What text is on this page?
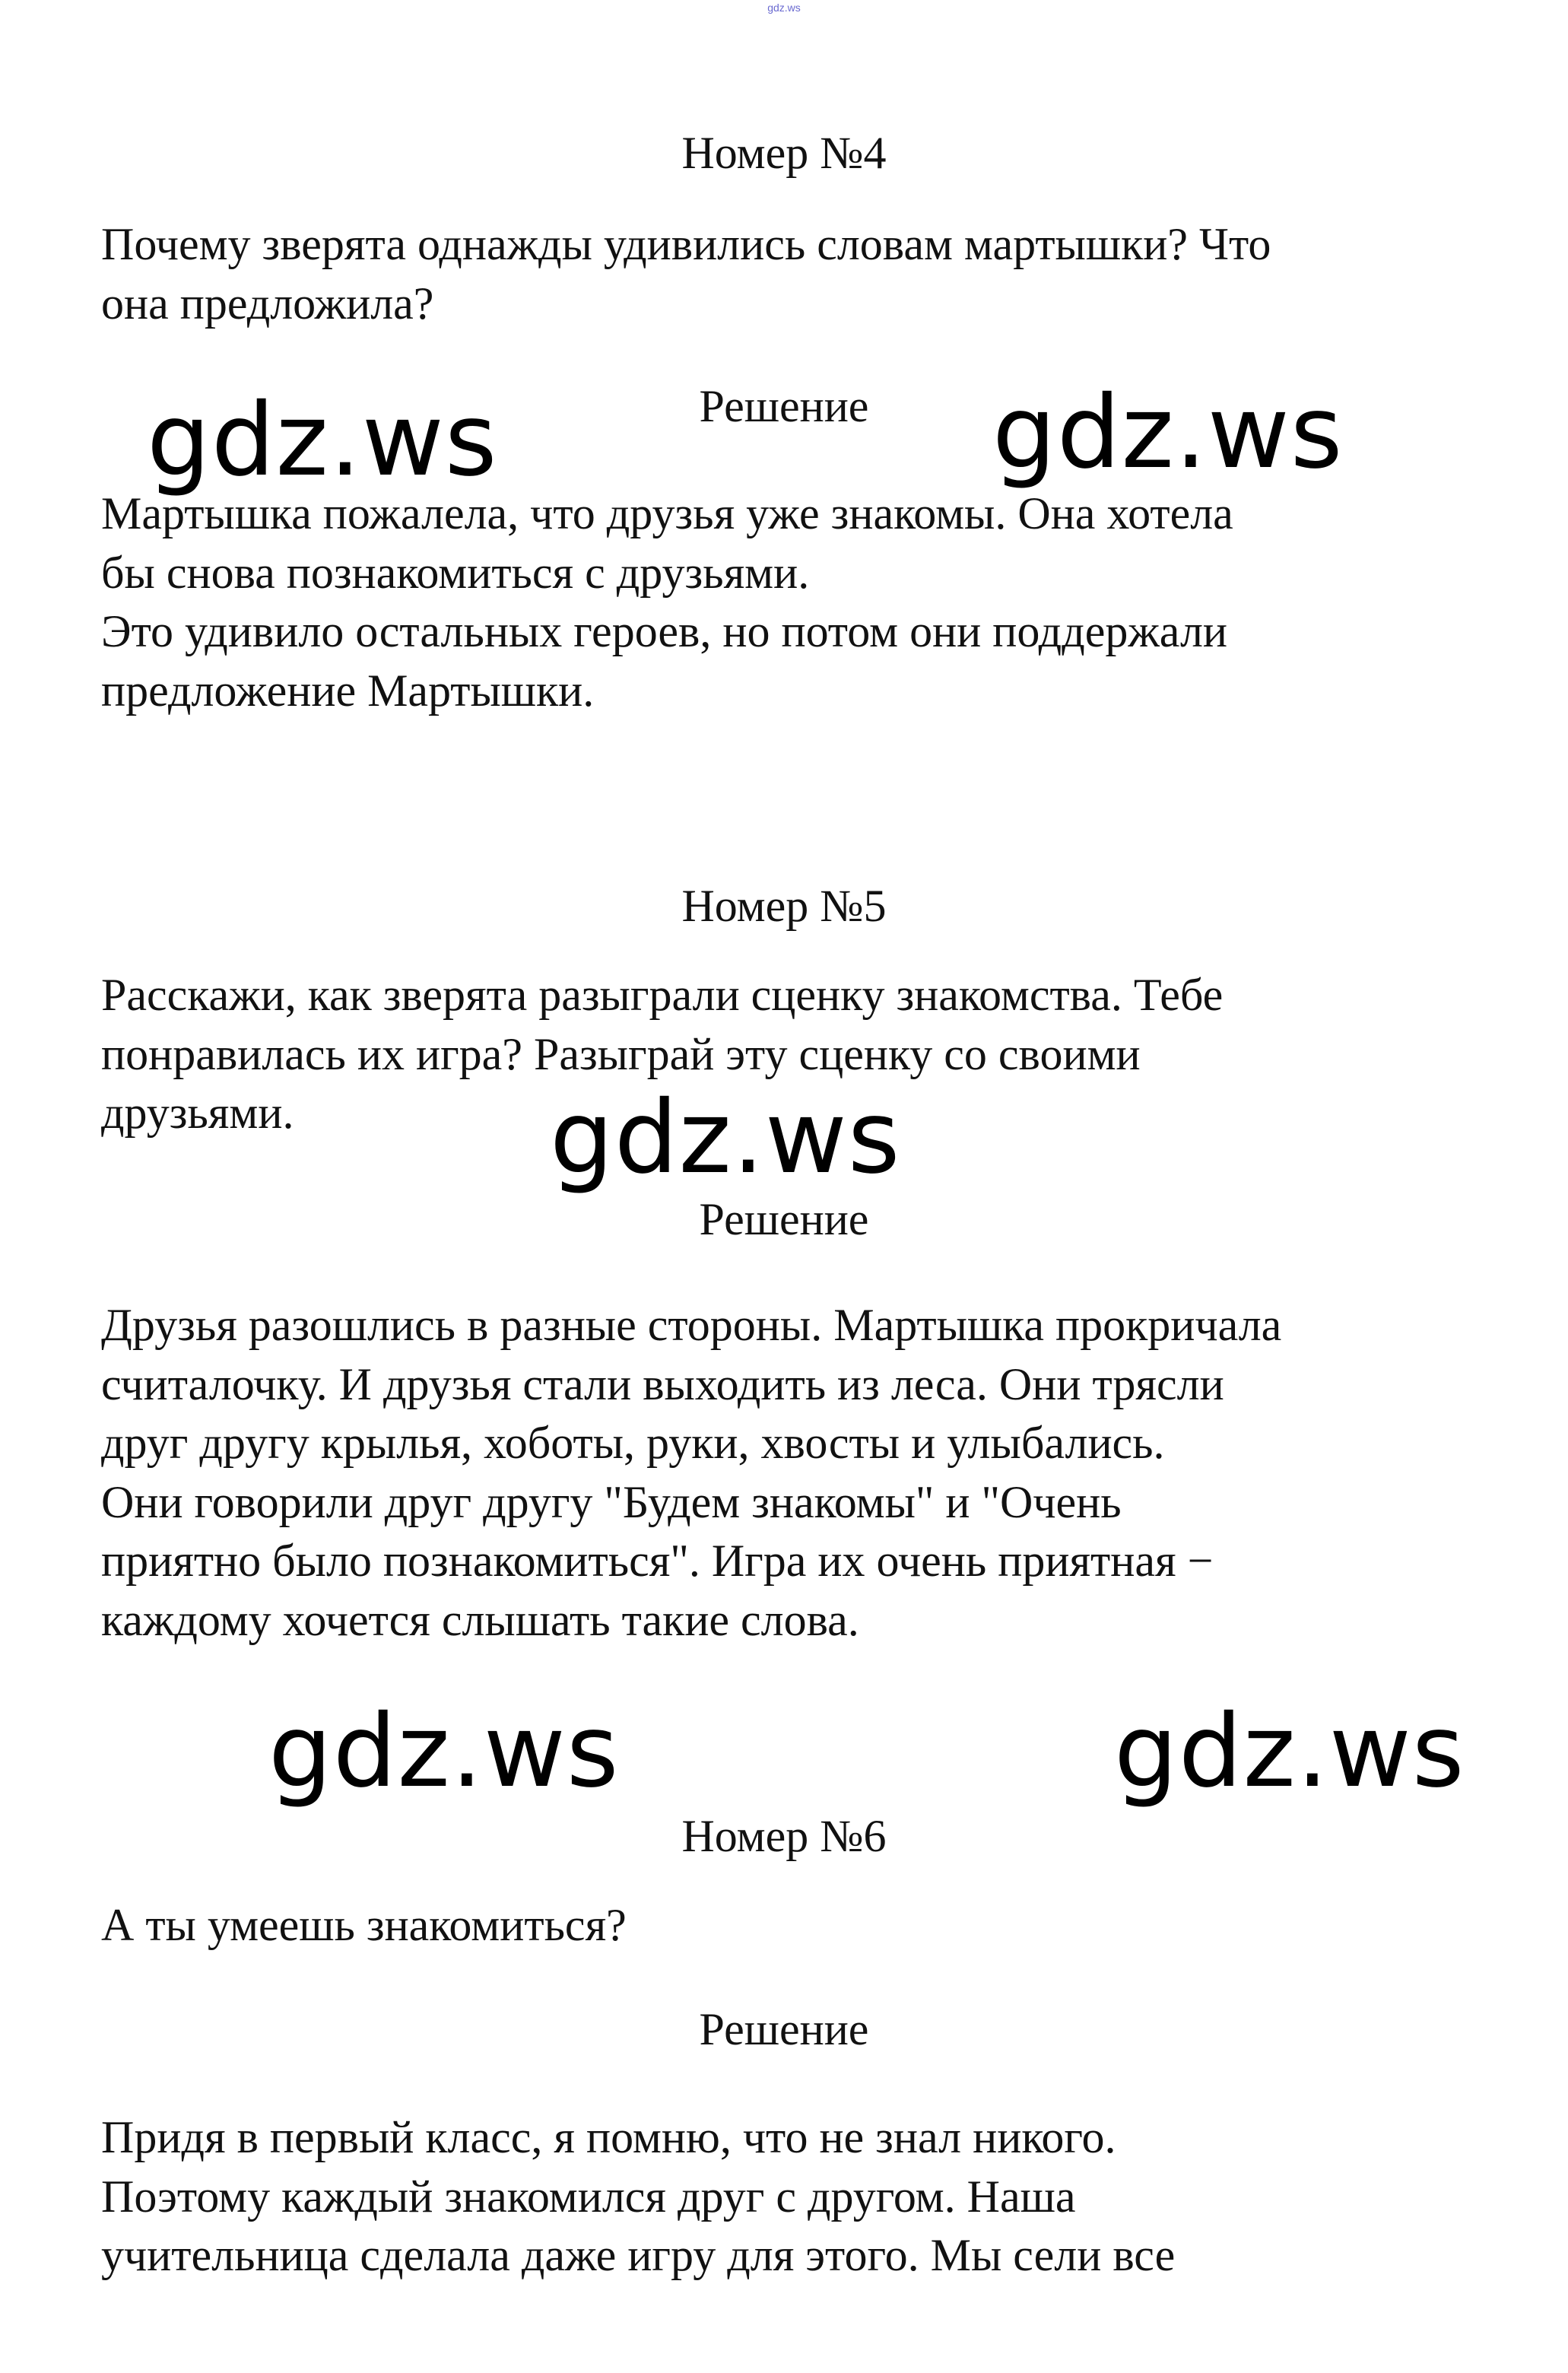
gdz.ws
Номер №4
Почему зверята однажды удивились словам мартышки? Что
она предложила?
Решение
Мартышка пожалела, что друзья уже знакомы. Она хотела
бы снова познакомиться с друзьями.
Это удивило остальных героев, но потом они поддержали
предложение Мартышки.
Номер №5
Расскажи, как зверята разыграли сценку знакомства. Тебе
понравилась их игра? Разыграй эту сценку со своими
друзьями.
Решение
Друзья разошлись в разные стороны. Мартышка прокричала
считалочку. И друзья стали выходить из леса. Они трясли
друг другу крылья, хоботы, руки, хвосты и улыбались.
Они говорили друг другу "Будем знакомы" и "Очень
приятно было познакомиться". Игра их очень приятная −
каждому хочется слышать такие слова.
Номер №6
А ты умеешь знакомиться?
Решение
Придя в первый класс, я помню, что не знал никого.
Поэтому каждый знакомился друг с другом. Наша
учительница сделала даже игру для этого. Мы сели все
gdz.ws	gdz.ws
gdz.ws
gdz.ws	gdz.ws
